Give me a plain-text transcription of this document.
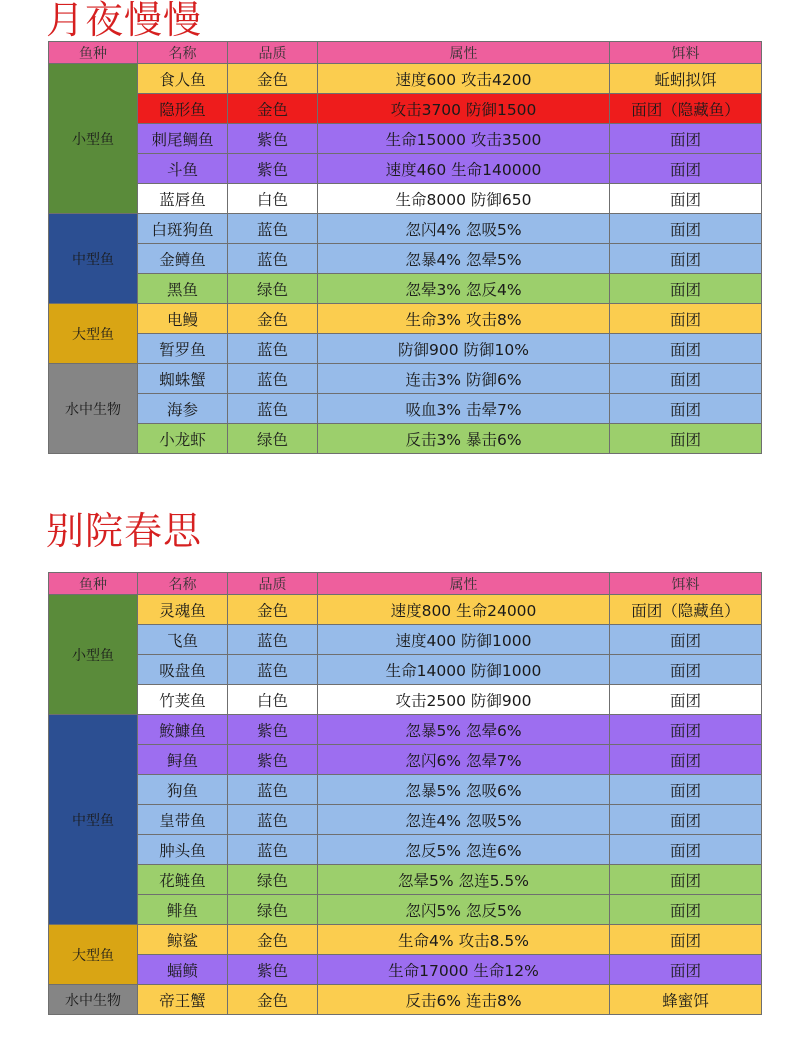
月夜慢慢
鱼种	名称	品质	属性	饵料
小型鱼	食人鱼	金色	速度600 攻击4200	蚯蚓拟饵
	隐形鱼	金色	攻击3700 防御1500	面团（隐藏鱼）
	刺尾鲷鱼	紫色	生命15000 攻击3500	面团
	斗鱼	紫色	速度460 生命140000	面团
	蓝唇鱼	白色	生命8000 防御650	面团
中型鱼	白斑狗鱼	蓝色	忽闪4% 忽吸5%	面团
	金鳟鱼	蓝色	忽暴4% 忽晕5%	面团
	黑鱼	绿色	忽晕3% 忽反4%	面团
大型鱼	电鳗	金色	生命3% 攻击8%	面团
	暂罗鱼	蓝色	防御900 防御10%	面团
水中生物	蜘蛛蟹	蓝色	连击3% 防御6%	面团
	海参	蓝色	吸血3% 击晕7%	面团
	小龙虾	绿色	反击3% 暴击6%	面团
别院春思
鱼种	名称	品质	属性	饵料
小型鱼	灵魂鱼	金色	速度800 生命24000	面团（隐藏鱼）
	飞鱼	蓝色	速度400 防御1000	面团
	吸盘鱼	蓝色	生命14000 防御1000	面团
	竹荚鱼	白色	攻击2500 防御900	面团
中型鱼	鮟鱇鱼	紫色	忽暴5% 忽晕6%	面团
	鲟鱼	紫色	忽闪6% 忽晕7%	面团
	狗鱼	蓝色	忽暴5% 忽吸6%	面团
	皇带鱼	蓝色	忽连4% 忽吸5%	面团
	肿头鱼	蓝色	忽反5% 忽连6%	面团
	花鲢鱼	绿色	忽晕5% 忽连5.5%	面团
	鲱鱼	绿色	忽闪5% 忽反5%	面团
大型鱼	鲸鲨	金色	生命4% 攻击8.5%	面团
	蝠鲼	紫色	生命17000 生命12%	面团
水中生物	帝王蟹	金色	反击6% 连击8%	蜂蜜饵
